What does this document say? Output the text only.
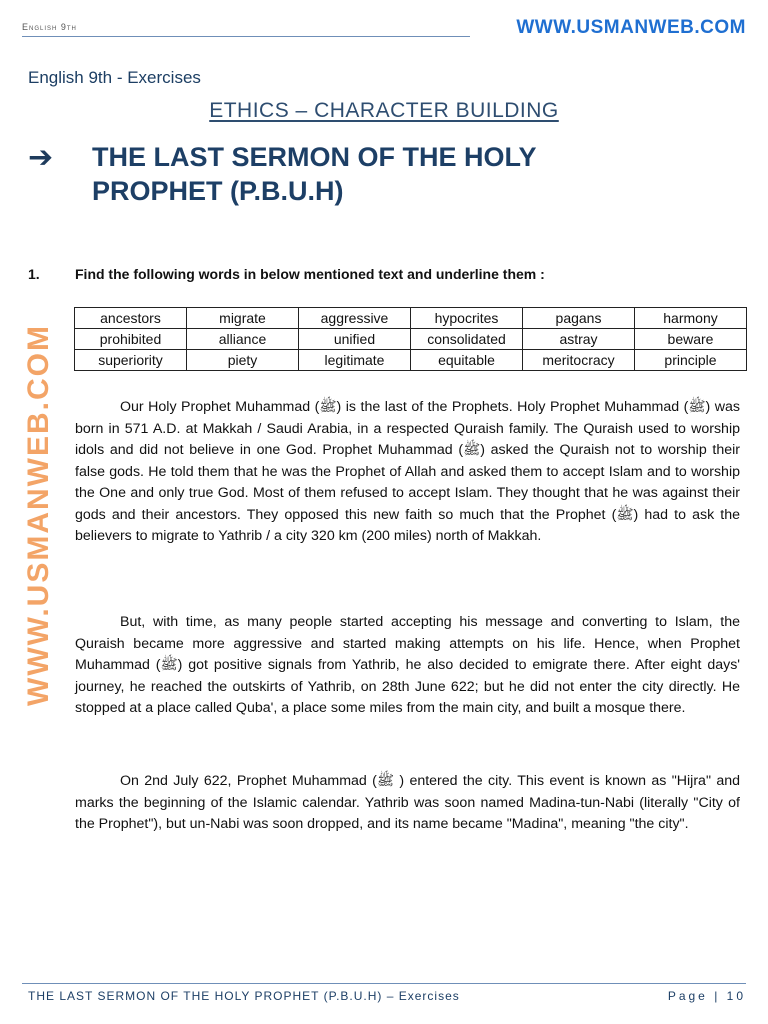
English 9th	WWW.USMANWEB.COM
WWW.USMANWEB.COM
English 9th - Exercises
ETHICS – CHARACTER BUILDING
➔ THE LAST SERMON OF THE HOLY PROPHET (P.B.U.H)
1.	Find the following words in below mentioned text and underline them :
ancestors	migrate	aggressive	hypocrites	pagans	harmony
prohibited	alliance	unified	consolidated	astray	beware
superiority	piety	legitimate	equitable	meritocracy	principle

Our Holy Prophet Muhammad (ﷺ) is the last of the Prophets. Holy Prophet Muhammad (ﷺ) was born in 571 A.D. at Makkah / Saudi Arabia, in a respected Quraish family. The Quraish used to worship idols and did not believe in one God. Prophet Muhammad (ﷺ) asked the Quraish not to worship their false gods. He told them that he was the Prophet of Allah and asked them to accept Islam and to worship the One and only true God. Most of them refused to accept Islam. They thought that he was against their gods and their ancestors. They opposed this new faith so much that the Prophet (ﷺ) had to ask the believers to migrate to Yathrib / a city 320 km (200 miles) north of Makkah.

But, with time, as many people started accepting his message and converting to Islam, the Quraish became more aggressive and started making attempts on his life. Hence, when Prophet Muhammad (ﷺ) got positive signals from Yathrib, he also decided to emigrate there. After eight days' journey, he reached the outskirts of Yathrib, on 28th June 622; but he did not enter the city directly. He stopped at a place called Quba', a place some miles from the main city, and built a mosque there.

On 2nd July 622, Prophet Muhammad (ﷺ ) entered the city. This event is known as "Hijra" and marks the beginning of the Islamic calendar. Yathrib was soon named Madina-tun-Nabi (literally "City of the Prophet"), but un-Nabi was soon dropped, and its name became "Madina", meaning "the city".

THE LAST SERMON OF THE HOLY PROPHET (P.B.U.H) – Exercises	Page | 10
